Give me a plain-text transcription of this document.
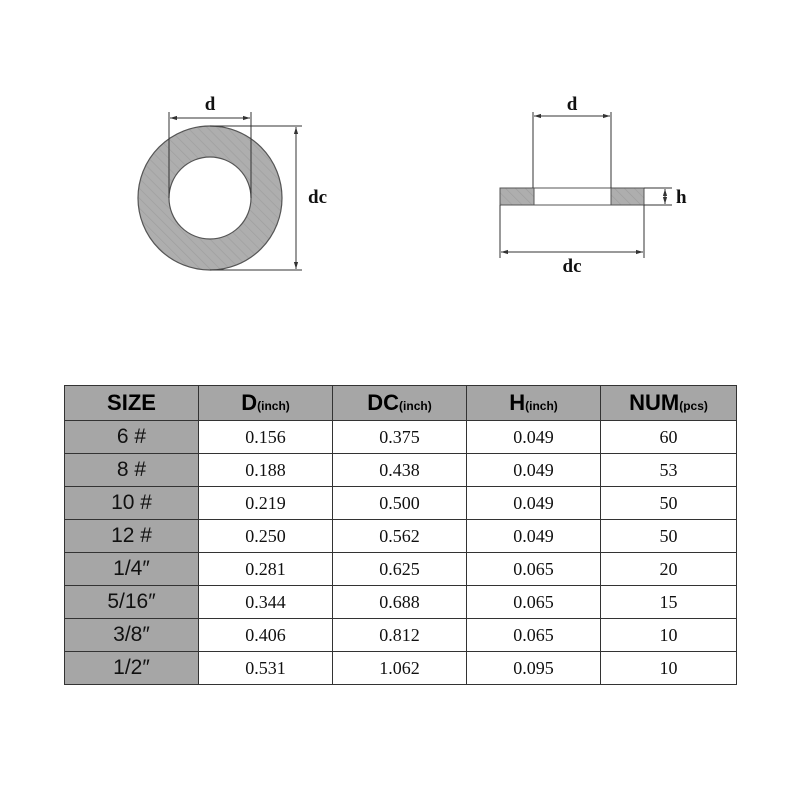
d
dc
d
dc
h
SIZE	D(inch)	DC(inch)	H(inch)	NUM(pcs)
6 #	0.156	0.375	0.049	60
8 #	0.188	0.438	0.049	53
10 #	0.219	0.500	0.049	50
12 #	0.250	0.562	0.049	50
1/4″	0.281	0.625	0.065	20
5/16″	0.344	0.688	0.065	15
3/8″	0.406	0.812	0.065	10
1/2″	0.531	1.062	0.095	10
